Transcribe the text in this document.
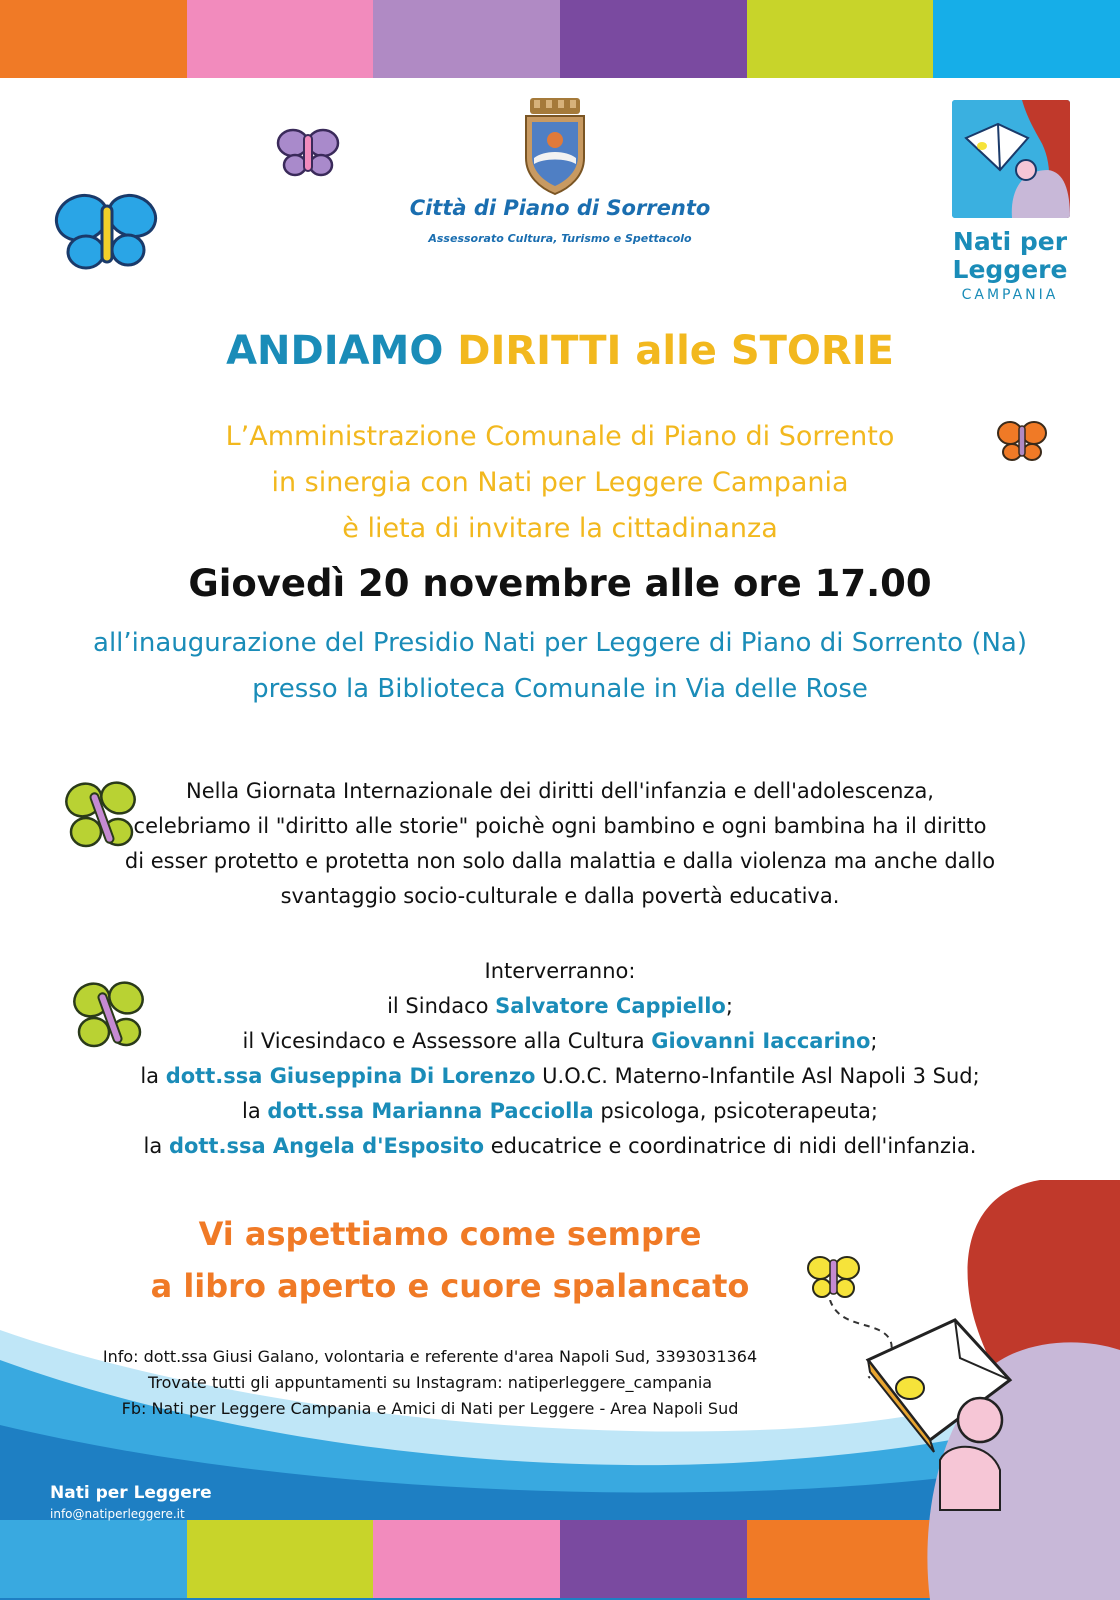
Città di Piano di Sorrento
Assessorato Cultura, Turismo e Spettacolo	Nati per
Leggere
CAMPANIA
ANDIAMO DIRITTI alle STORIE
L’Amministrazione Comunale di Piano di Sorrento
in sinergia con Nati per Leggere Campania
è lieta di invitare la cittadinanza
Giovedì 20 novembre alle ore 17.00
all’inaugurazione del Presidio Nati per Leggere di Piano di Sorrento (Na)
presso la Biblioteca Comunale in Via delle Rose
Nella Giornata Internazionale dei diritti dell'infanzia e dell'adolescenza,
celebriamo il "diritto alle storie" poichè ogni bambino e ogni bambina ha il diritto
di esser protetto e protetta non solo dalla malattia e dalla violenza ma anche dallo
svantaggio socio-culturale e dalla povertà educativa.
Interverranno:
il Sindaco Salvatore Cappiello;
il Vicesindaco e Assessore alla Cultura Giovanni Iaccarino;
la dott.ssa Giuseppina Di Lorenzo U.O.C. Materno-Infantile Asl Napoli 3 Sud;
la dott.ssa Marianna Pacciolla psicologa, psicoterapeuta;
la dott.ssa Angela d'Esposito educatrice e coordinatrice di nidi dell'infanzia.
Vi aspettiamo come sempre
a libro aperto e cuore spalancato
Info: dott.ssa Giusi Galano, volontaria e referente d'area Napoli Sud, 3393031364
Trovate tutti gli appuntamenti su Instagram: natiperleggere_campania
Fb: Nati per Leggere Campania e Amici di Nati per Leggere - Area Napoli Sud
Nati per Leggere
info@natiperleggere.it
